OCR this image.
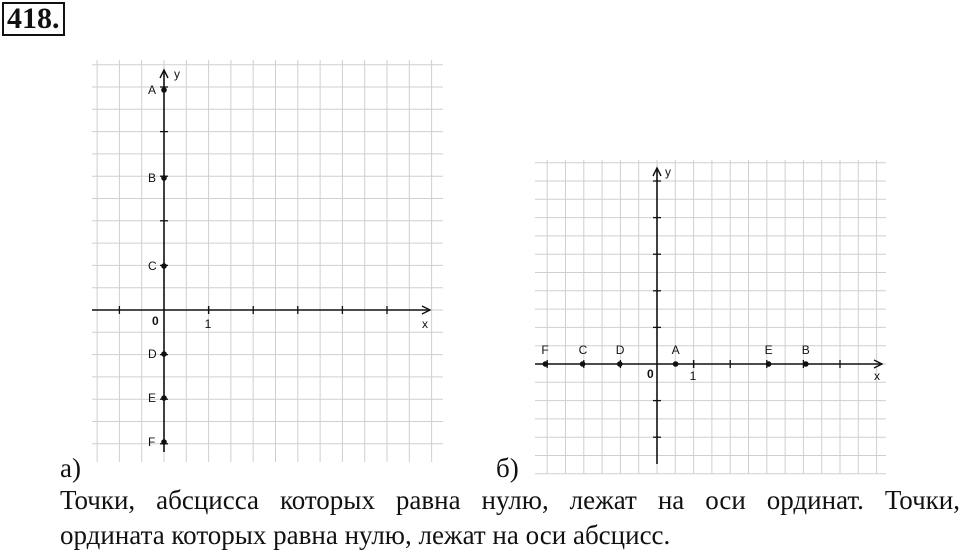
418.
0	1	x
y
A
B
C
D
E
F
0	1	x
y
F C D	A	E B
а)	б)
Точки, абсцисса которых равна нулю, лежат на оси ординат. Точки,
ордината которых равна нулю, лежат на оси абсцисс.
